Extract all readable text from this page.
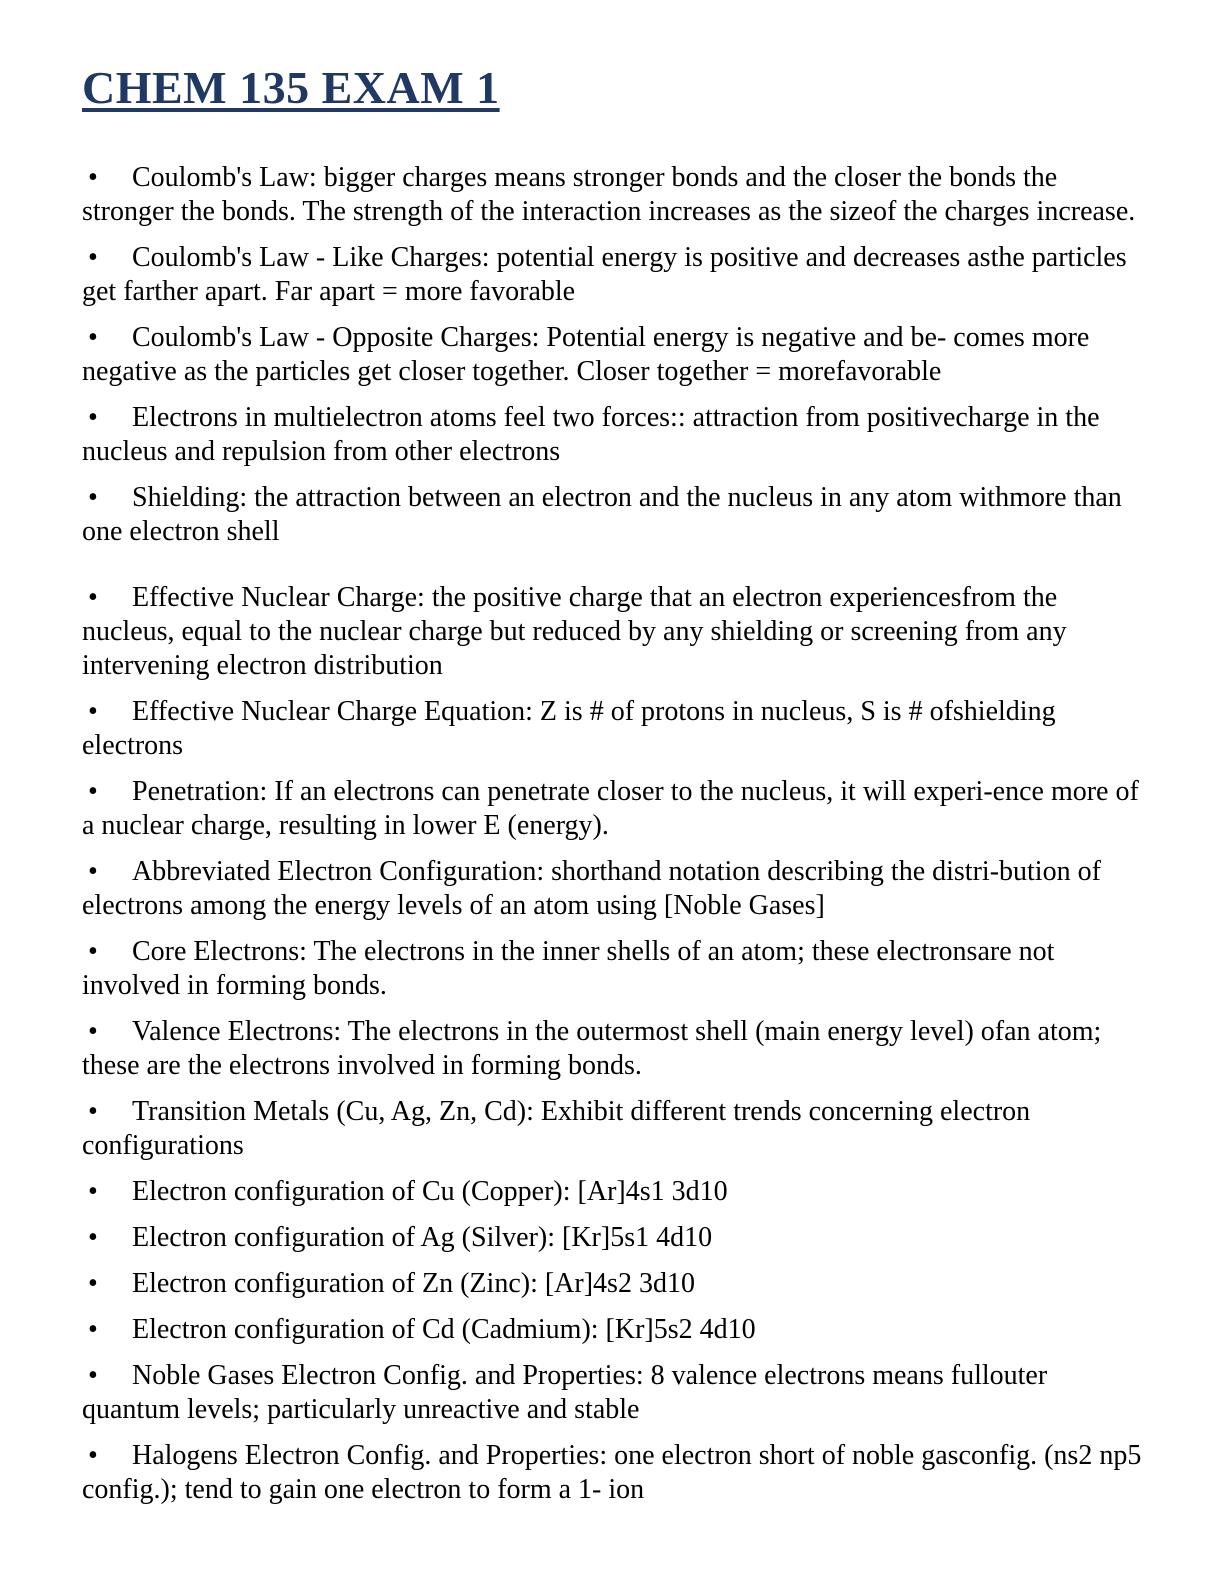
CHEM 135 EXAM 1

• Coulomb's Law: bigger charges means stronger bonds and the closer the bonds the stronger the bonds. The strength of the interaction increases as the sizeof the charges increase.

• Coulomb's Law - Like Charges: potential energy is positive and decreases asthe particles get farther apart. Far apart = more favorable

• Coulomb's Law - Opposite Charges: Potential energy is negative and be- comes more negative as the particles get closer together. Closer together = morefavorable

• Electrons in multielectron atoms feel two forces:: attraction from positivecharge in the nucleus and repulsion from other electrons

• Shielding: the attraction between an electron and the nucleus in any atom withmore than one electron shell

• Effective Nuclear Charge: the positive charge that an electron experiencesfrom the nucleus, equal to the nuclear charge but reduced by any shielding or screening from any intervening electron distribution

• Effective Nuclear Charge Equation: Z is # of protons in nucleus, S is # ofshielding electrons

• Penetration: If an electrons can penetrate closer to the nucleus, it will experi-ence more of a nuclear charge, resulting in lower E (energy).

• Abbreviated Electron Configuration: shorthand notation describing the distri-bution of electrons among the energy levels of an atom using [Noble Gases]

• Core Electrons: The electrons in the inner shells of an atom; these electronsare not involved in forming bonds.

• Valence Electrons: The electrons in the outermost shell (main energy level) ofan atom; these are the electrons involved in forming bonds.

• Transition Metals (Cu, Ag, Zn, Cd): Exhibit different trends concerning electron configurations

• Electron configuration of Cu (Copper): [Ar]4s1 3d10

• Electron configuration of Ag (Silver): [Kr]5s1 4d10

• Electron configuration of Zn (Zinc): [Ar]4s2 3d10

• Electron configuration of Cd (Cadmium): [Kr]5s2 4d10

• Noble Gases Electron Config. and Properties: 8 valence electrons means fullouter quantum levels; particularly unreactive and stable

• Halogens Electron Config. and Properties: one electron short of noble gasconfig. (ns2 np5 config.); tend to gain one electron to form a 1- ion
